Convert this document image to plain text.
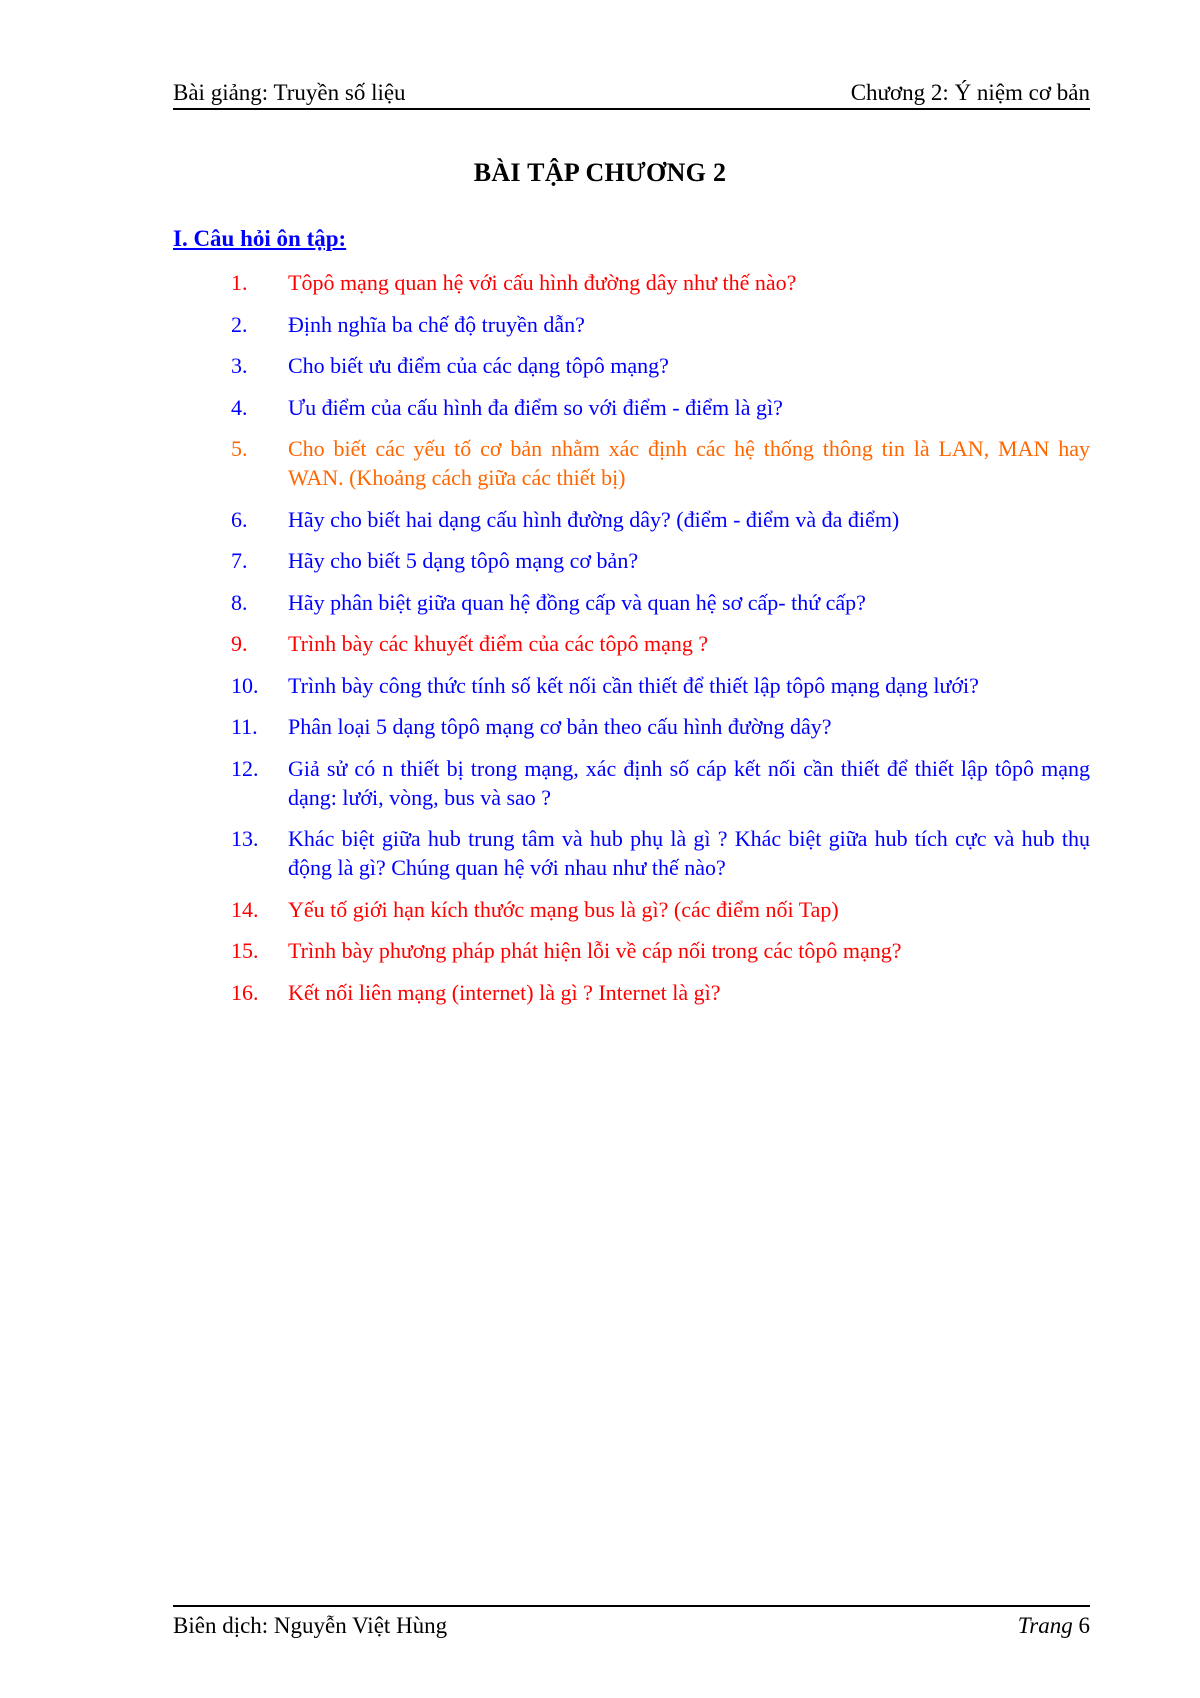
Bài giảng: Truyền số liệu	Chương 2: Ý niệm cơ bản
BÀI TẬP CHƯƠNG 2
I. Câu hỏi ôn tập:
1.	Tôpô mạng quan hệ với cấu hình đường dây như thế nào?
2.	Định nghĩa ba chế độ truyền dẫn?
3.	Cho biết ưu điểm của các dạng tôpô mạng?
4.	Ưu điểm của cấu hình đa điểm so với điểm - điểm là gì?
5.	Cho biết các yếu tố cơ bản nhằm xác định các hệ thống thông tin là LAN, MAN hay WAN. (Khoảng cách giữa các thiết bị)
6.	Hãy cho biết hai dạng cấu hình đường dây? (điểm - điểm và đa điểm)
7.	Hãy cho biết 5 dạng tôpô mạng cơ bản?
8.	Hãy phân biệt giữa quan hệ đồng cấp và quan hệ sơ cấp- thứ cấp?
9.	Trình bày các khuyết điểm của các tôpô mạng ?
10.	Trình bày công thức tính số kết nối cần thiết để thiết lập tôpô mạng dạng lưới?
11.	Phân loại 5 dạng tôpô mạng cơ bản theo cấu hình đường dây?
12.	Giả sử có n thiết bị trong mạng, xác định số cáp kết nối cần thiết để thiết lập tôpô mạng dạng: lưới, vòng, bus và sao ?
13.	Khác biệt giữa hub trung tâm và hub phụ là gì ? Khác biệt giữa hub tích cực và hub thụ động là gì? Chúng quan hệ với nhau như thế nào?
14.	Yếu tố giới hạn kích thước mạng bus là gì? (các điểm nối Tap)
15.	Trình bày phương pháp phát hiện lỗi về cáp nối trong các tôpô mạng?
16.	Kết nối liên mạng (internet) là gì ? Internet là gì?
Biên dịch: Nguyễn Việt Hùng	Trang 6
